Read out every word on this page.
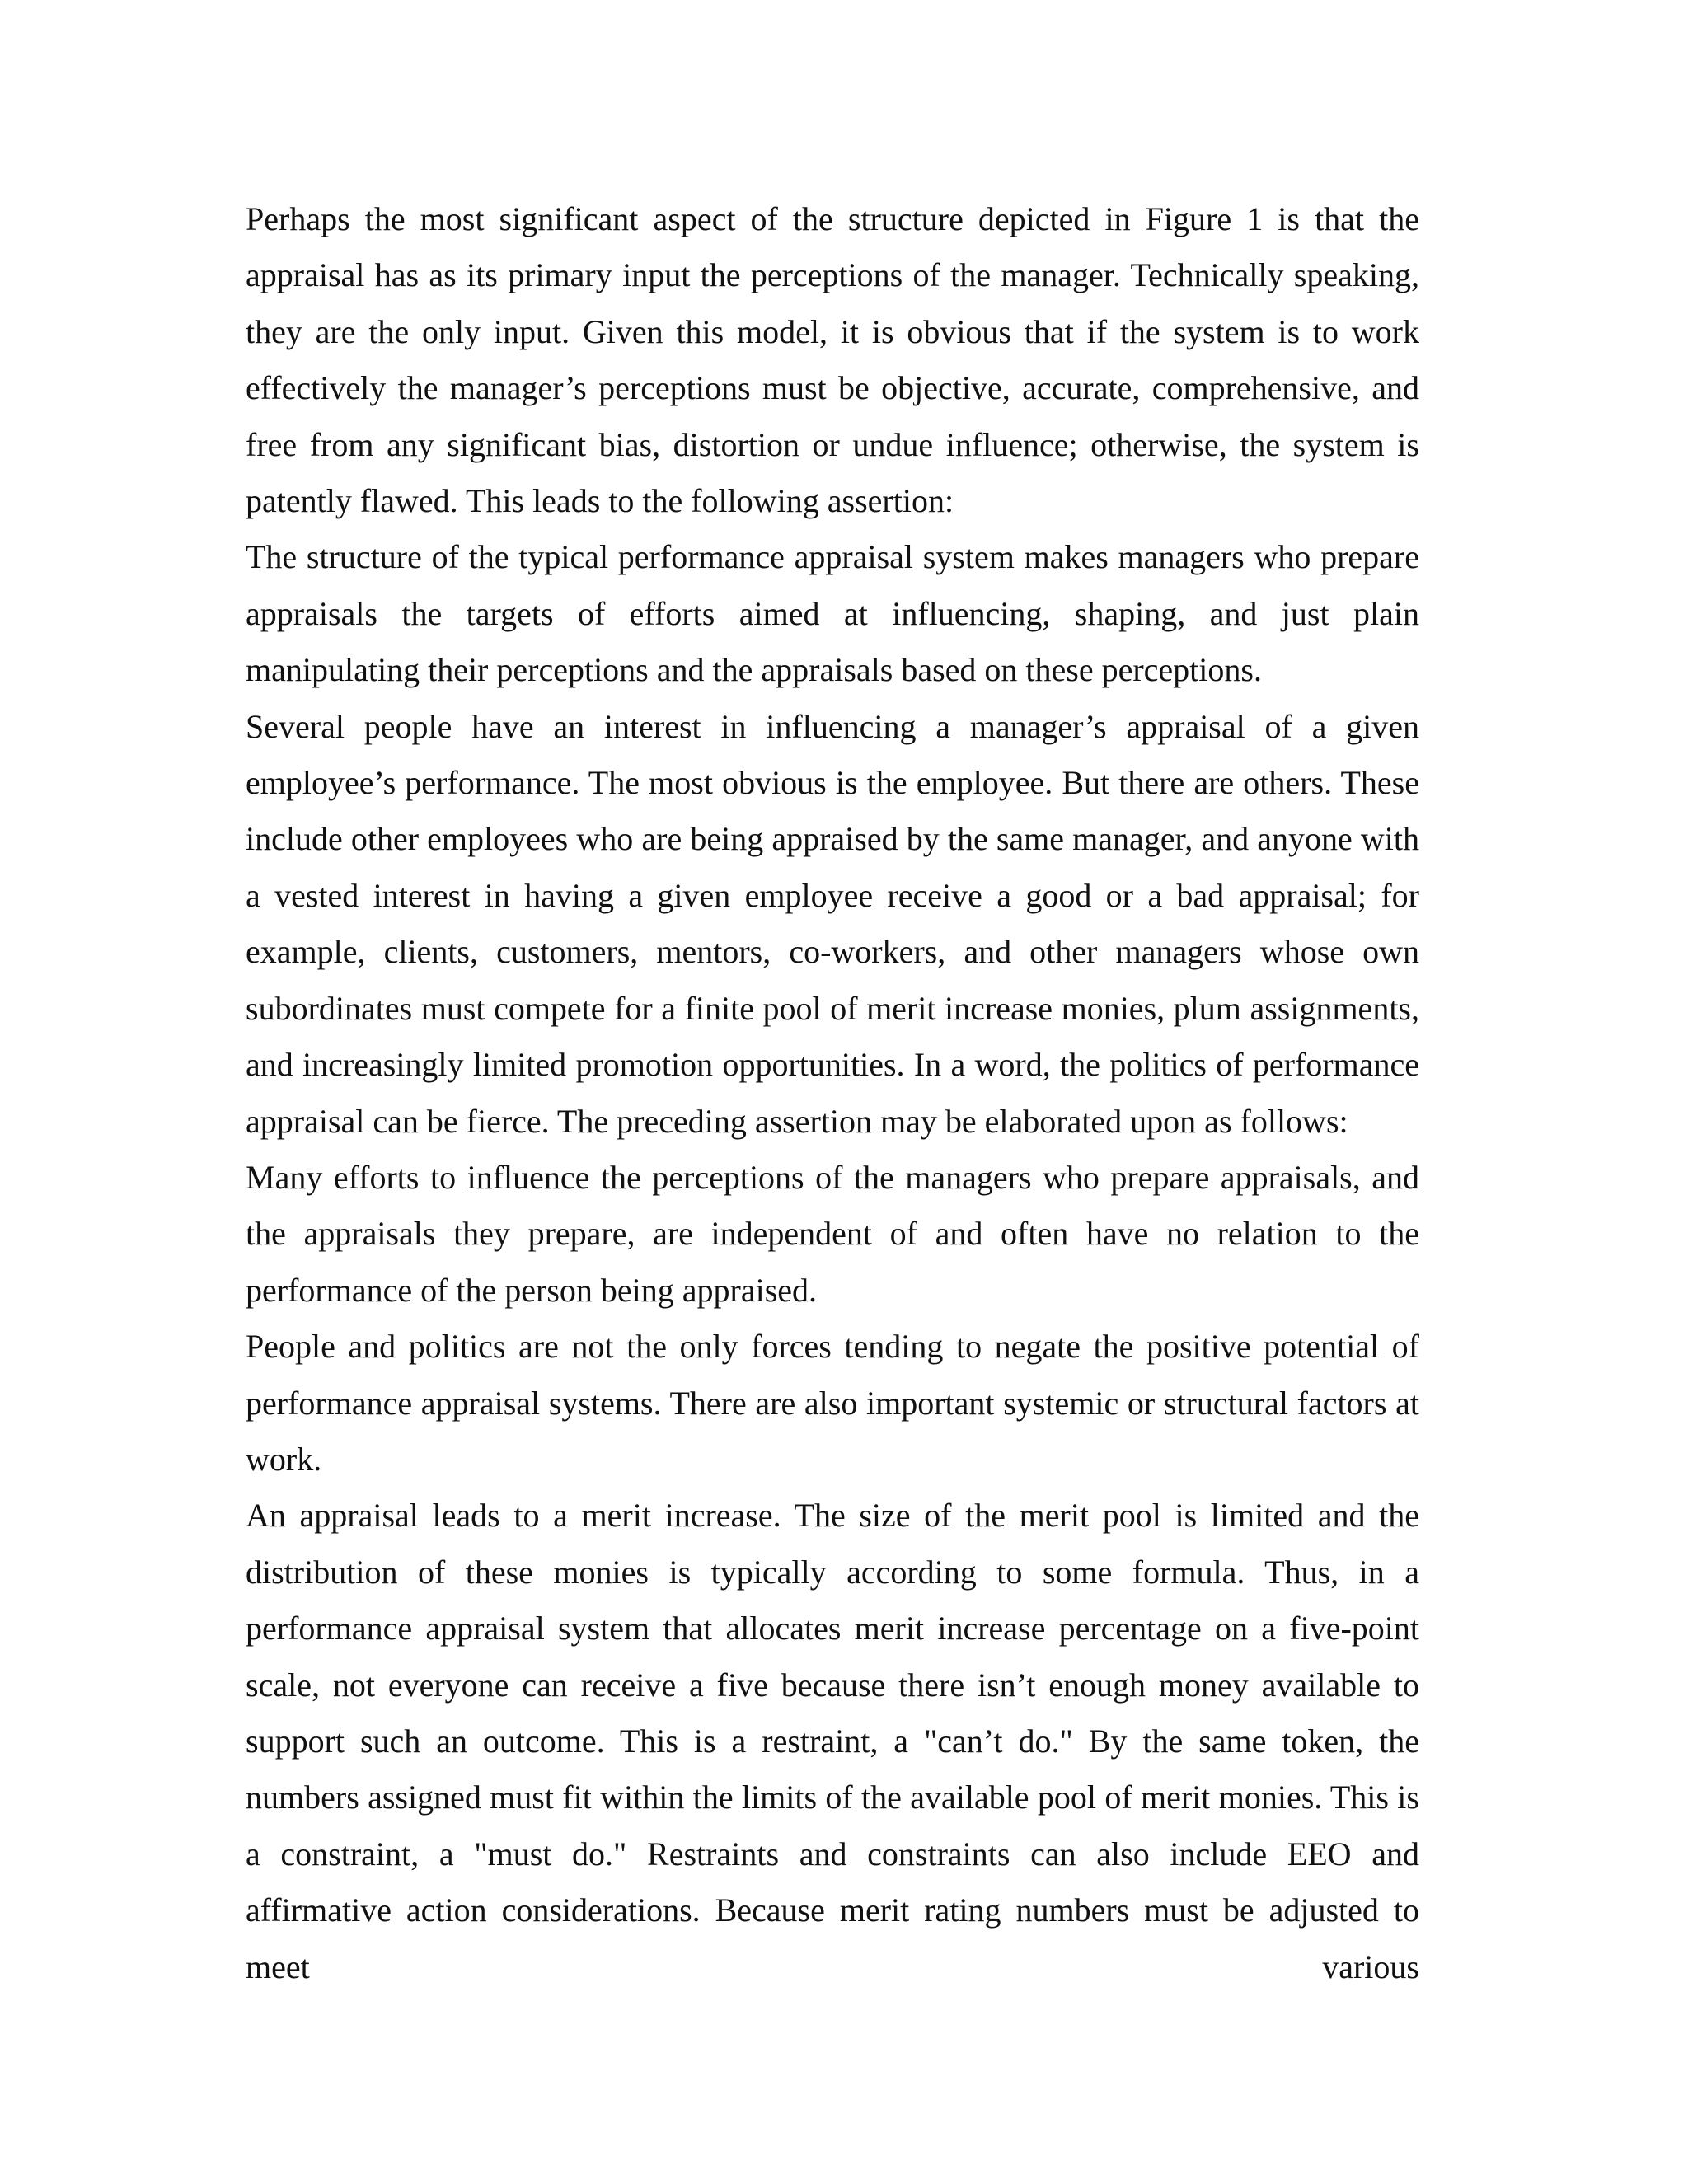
Perhaps the most significant aspect of the structure depicted in Figure 1 is that the appraisal has as its primary input the perceptions of the manager. Technically speaking, they are the only input. Given this model, it is obvious that if the system is to work effectively the manager’s perceptions must be objective, accurate, comprehensive, and free from any significant bias, distortion or undue influence; otherwise, the system is patently flawed. This leads to the following assertion:

The structure of the typical performance appraisal system makes managers who prepare appraisals the targets of efforts aimed at influencing, shaping, and just plain manipulating their perceptions and the appraisals based on these perceptions.

Several people have an interest in influencing a manager’s appraisal of a given employee’s performance. The most obvious is the employee. But there are others. These include other employees who are being appraised by the same manager, and anyone with a vested interest in having a given employee receive a good or a bad appraisal; for example, clients, customers, mentors, co-workers, and other managers whose own subordinates must compete for a finite pool of merit increase monies, plum assignments, and increasingly limited promotion opportunities. In a word, the politics of performance appraisal can be fierce. The preceding assertion may be elaborated upon as follows:

Many efforts to influence the perceptions of the managers who prepare appraisals, and the appraisals they prepare, are independent of and often have no relation to the performance of the person being appraised.

People and politics are not the only forces tending to negate the positive potential of performance appraisal systems. There are also important systemic or structural factors at work.

An appraisal leads to a merit increase. The size of the merit pool is limited and the distribution of these monies is typically according to some formula. Thus, in a performance appraisal system that allocates merit increase percentage on a five-point scale, not everyone can receive a five because there isn’t enough money available to support such an outcome. This is a restraint, a "can’t do." By the same token, the numbers assigned must fit within the limits of the available pool of merit monies. This is a constraint, a "must do." Restraints and constraints can also include EEO and affirmative action considerations. Because merit rating numbers must be adjusted to meet various
